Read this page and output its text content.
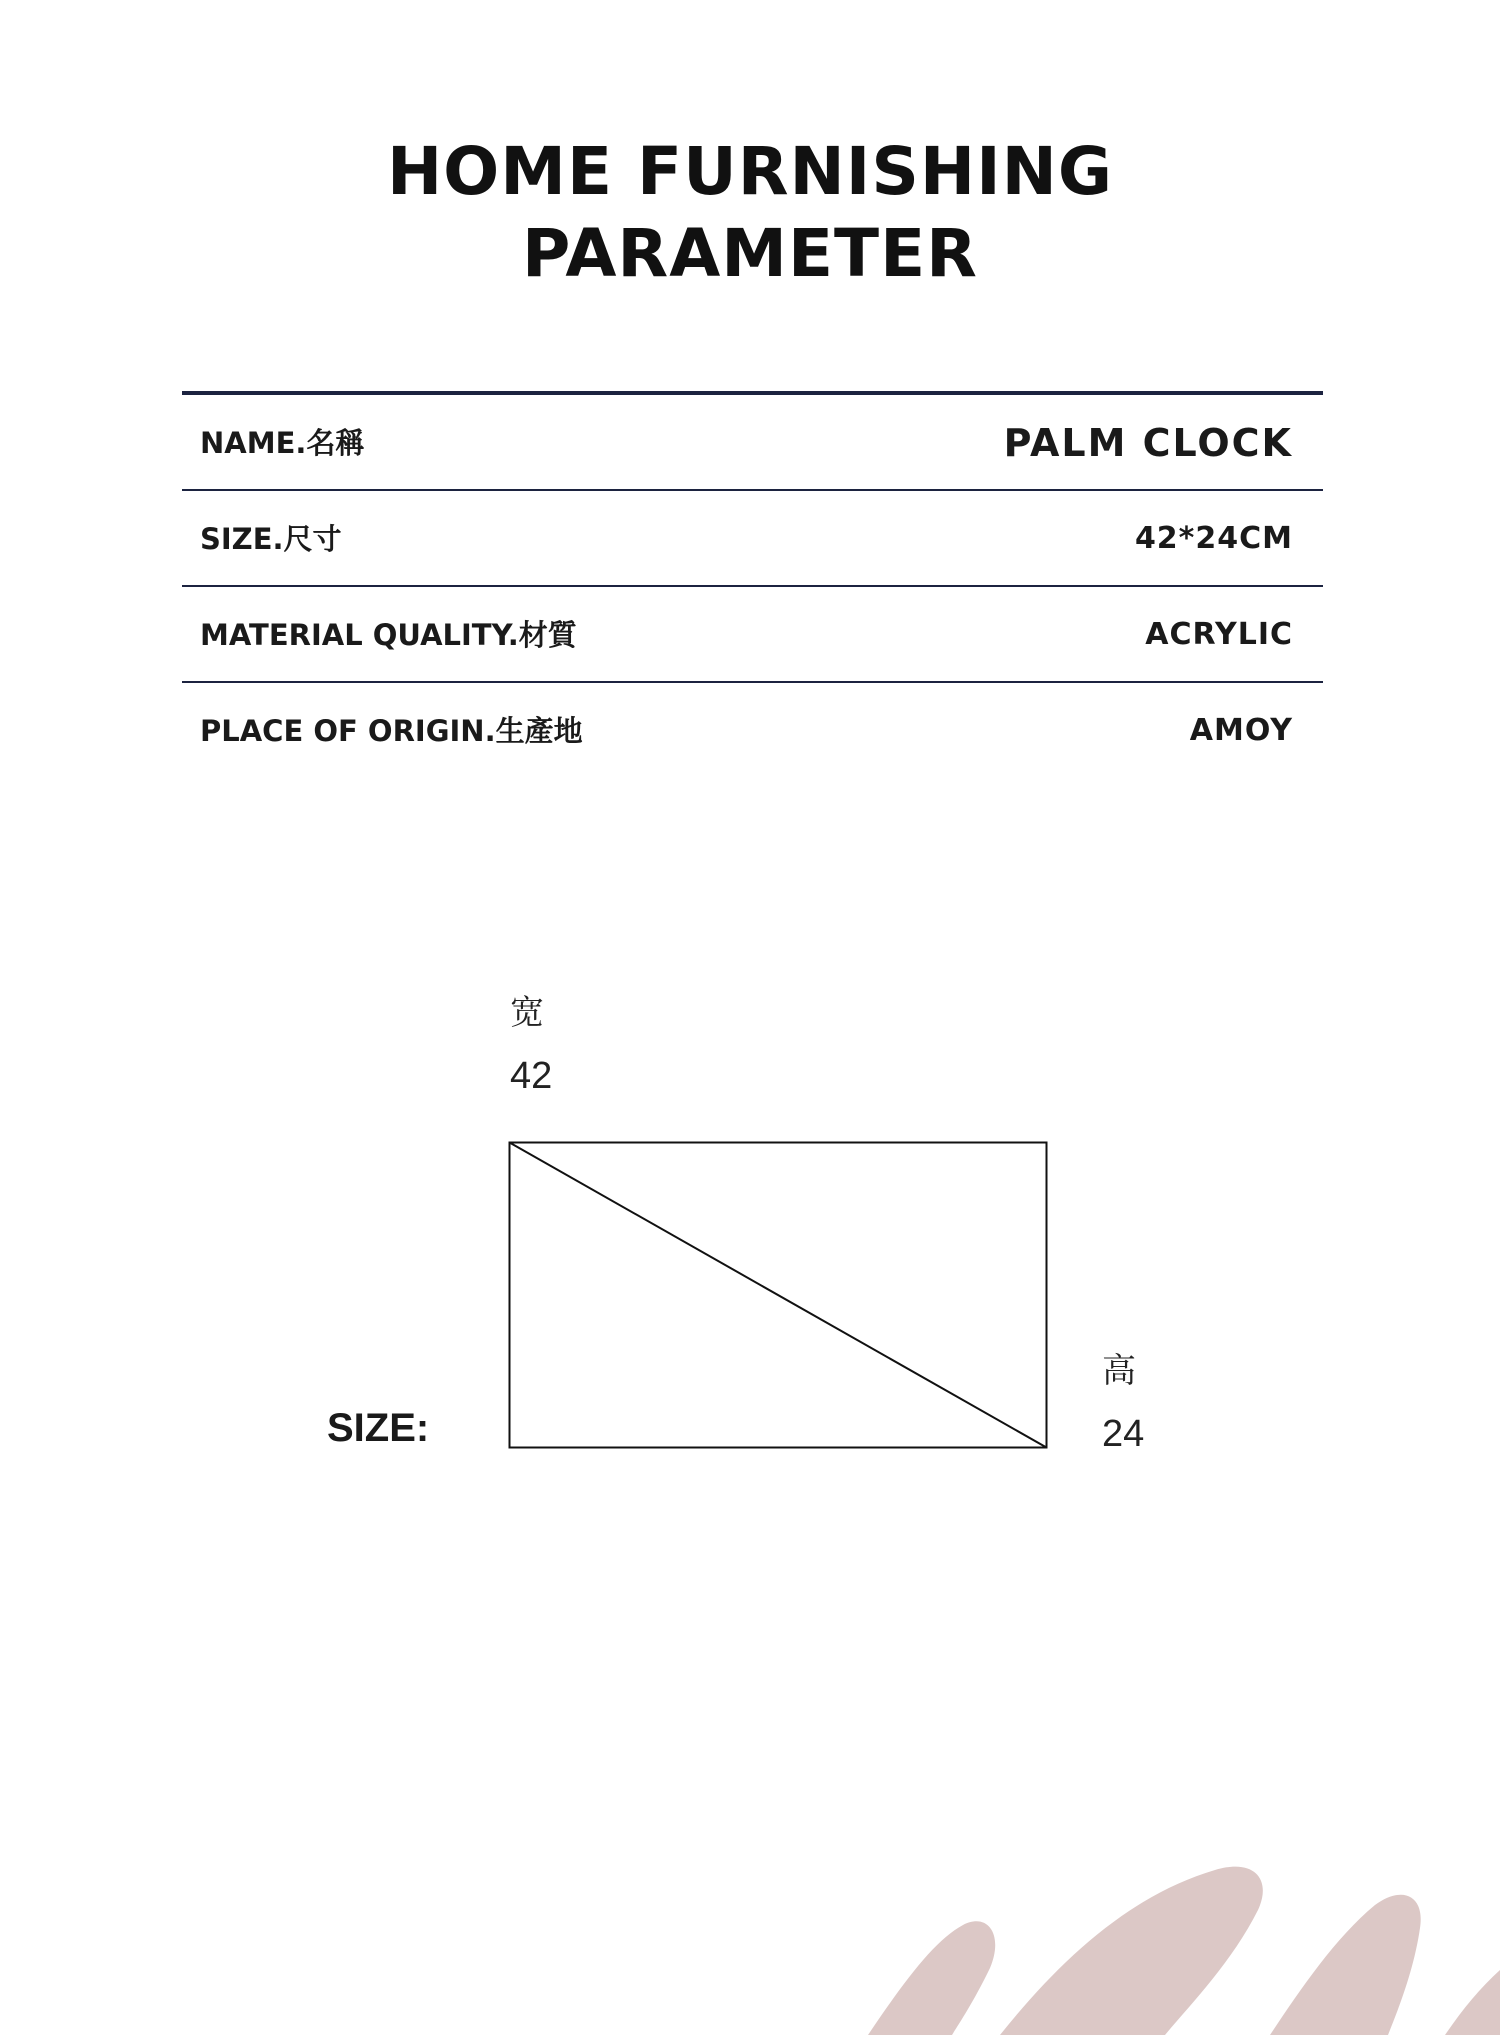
HOME FURNISHING
PARAMETER
NAME.名稱	PALM CLOCK
SIZE.尺寸	42*24CM
MATERIAL QUALITY.材質	ACRYLIC
PLACE OF ORIGIN.生產地	AMOY
宽
42
高
24
SIZE:
